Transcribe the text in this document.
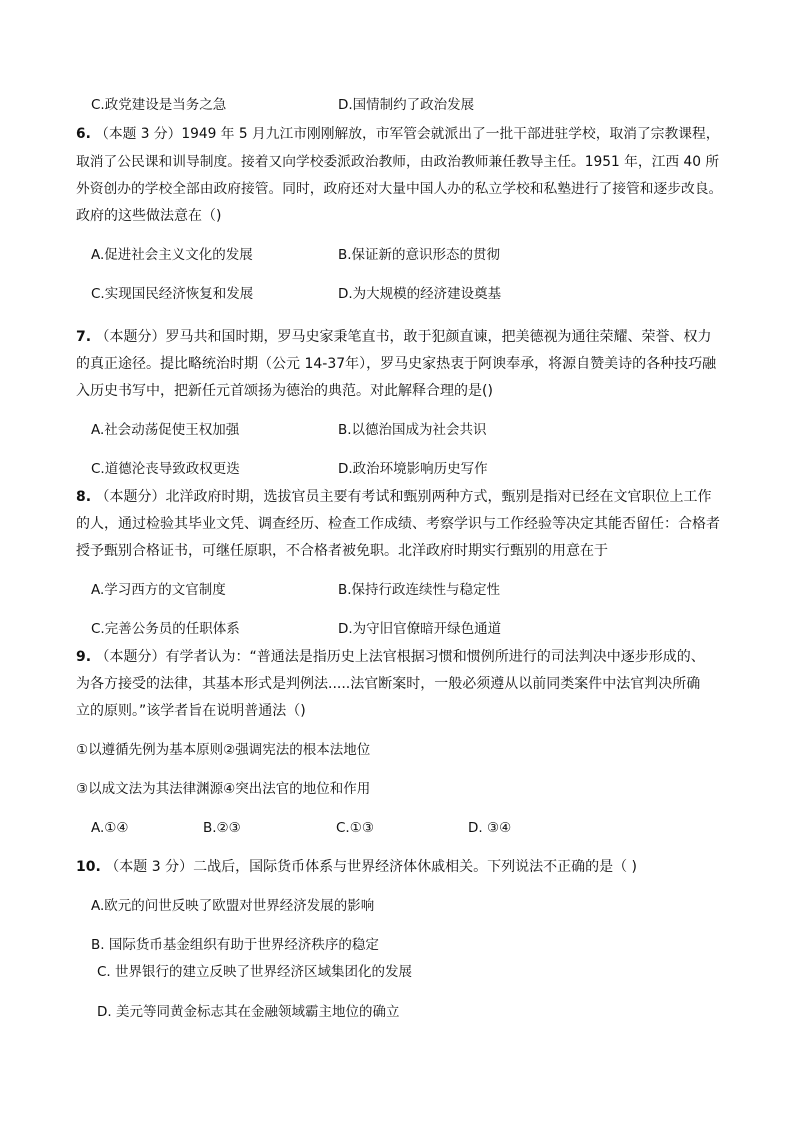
C.政党建设是当务之急	D.国情制约了政治发展
6. （本题 3 分）1949 年 5 月九江市刚刚解放，市军管会就派出了一批干部进驻学校，取消了宗教课程，
取消了公民课和训导制度。接着又向学校委派政治教师，由政治教师兼任教导主任。1951 年，江西 40 所
外资创办的学校全部由政府接管。同时，政府还对大量中国人办的私立学校和私塾进行了接管和逐步改良。
政府的这些做法意在（)
A.促进社会主义文化的发展	B.保证新的意识形态的贯彻
C.实现国民经济恢复和发展	D.为大规模的经济建设奠基
7. （本题分）罗马共和国时期，罗马史家秉笔直书，敢于犯颜直谏，把美德视为通往荣耀、荣誉、权力
的真正途径。提比略统治时期（公元 14-37年），罗马史家热衷于阿谀奉承，将源自赞美诗的各种技巧融
入历史书写中，把新任元首颂扬为德治的典范。对此解释合理的是()
A.社会动荡促使王权加强	B.以德治国成为社会共识
C.道德沦丧导致政权更迭	D.政治环境影响历史写作
8. （本题分）北洋政府时期，选拔官员主要有考试和甄别两种方式，甄别是指对已经在文官职位上工作
的人，通过检验其毕业文凭、调查经历、检查工作成绩、考察学识与工作经验等决定其能否留任：合格者
授予甄别合格证书，可继任原职，不合格者被免职。北洋政府时期实行甄别的用意在于
A.学习西方的文官制度	B.保持行政连续性与稳定性
C.完善公务员的任职体系	D.为守旧官僚暗开绿色通道
9. （本题分）有学者认为：“普通法是指历史上法官根据习惯和惯例所进行的司法判决中逐步形成的、
为各方接受的法律，其基本形式是判例法.....法官断案时，一般必须遵从以前同类案件中法官判决所确
立的原则。”该学者旨在说明普通法（)
①以遵循先例为基本原则②强调宪法的根本法地位
③以成文法为其法律渊源④突出法官的地位和作用
A.①④	B.②③	C.①③	D. ③④
10. （本题 3 分）二战后，国际货币体系与世界经济体休戚相关。下列说法不正确的是（ )
A.欧元的问世反映了欧盟对世界经济发展的影响
B. 国际货币基金组织有助于世界经济秩序的稳定
C. 世界银行的建立反映了世界经济区域集团化的发展
D. 美元等同黄金标志其在金融领域霸主地位的确立
